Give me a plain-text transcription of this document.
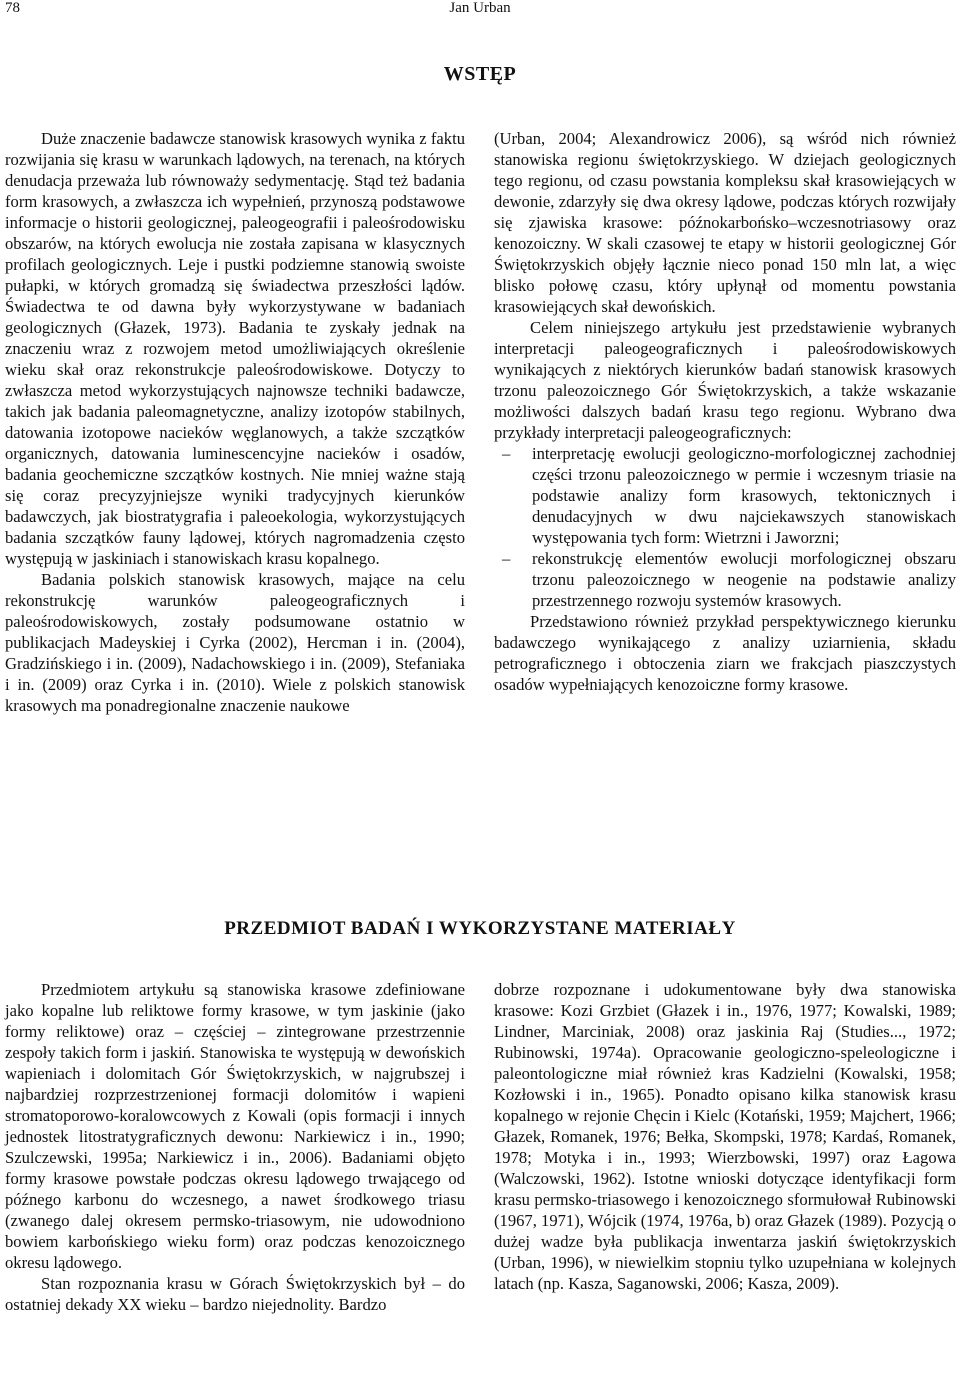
78	Jan Urban
WSTĘP

Duże znaczenie badawcze stanowisk krasowych wynika z faktu rozwijania się krasu w warunkach lądowych, na terenach, na których denudacja przeważa lub równoważy sedymentację. Stąd też badania form krasowych, a zwłaszcza ich wypełnień, przynoszą podstawowe informacje o historii geologicznej, paleogeografii i paleośrodowisku obszarów, na których ewolucja nie została zapisana w klasycznych profilach geologicznych. Leje i pustki podziemne stanowią swoiste pułapki, w których gromadzą się świadectwa przeszłości lądów. Świadectwa te od dawna były wykorzystywane w badaniach geologicznych (Głazek, 1973). Badania te zyskały jednak na znaczeniu wraz z rozwojem metod umożliwiających określenie wieku skał oraz rekonstrukcje paleośrodowiskowe. Dotyczy to zwłaszcza metod wykorzystujących najnowsze techniki badawcze, takich jak badania paleomagnetyczne, analizy izotopów stabilnych, datowania izotopowe nacieków węglanowych, a także szczątków organicznych, datowania luminescencyjne nacieków i osadów, badania geochemiczne szczątków kostnych. Nie mniej ważne stają się coraz precyzyjniejsze wyniki tradycyjnych kierunków badawczych, jak biostratygrafia i paleoekologia, wykorzystujących badania szczątków fauny lądowej, których nagromadzenia często występują w jaskiniach i stanowiskach krasu kopalnego.

Badania polskich stanowisk krasowych, mające na celu rekonstrukcję warunków paleogeograficznych i paleośrodowiskowych, zostały podsumowane ostatnio w publikacjach Madeyskiej i Cyrka (2002), Hercman i in. (2004), Gradzińskiego i in. (2009), Nadachowskiego i in. (2009), Stefaniaka i in. (2009) oraz Cyrka i in. (2010). Wiele z polskich stanowisk krasowych ma ponadregionalne znaczenie naukowe

(Urban, 2004; Alexandrowicz 2006), są wśród nich również stanowiska regionu świętokrzyskiego. W dziejach geologicznych tego regionu, od czasu powstania kompleksu skał krasowiejących w dewonie, zdarzyły się dwa okresy lądowe, podczas których rozwijały się zjawiska krasowe: późnokarbońsko–wczesnotriasowy oraz kenozoiczny. W skali czasowej te etapy w historii geologicznej Gór Świętokrzyskich objęły łącznie nieco ponad 150 mln lat, a więc blisko połowę czasu, który upłynął od momentu powstania krasowiejących skał dewońskich.

Celem niniejszego artykułu jest przedstawienie wybranych interpretacji paleogeograficznych i paleośrodowiskowych wynikających z niektórych kierunków badań stanowisk krasowych trzonu paleozoicznego Gór Świętokrzyskich, a także wskazanie możliwości dalszych badań krasu tego regionu. Wybrano dwa przykłady interpretacji paleogeograficznych:

– interpretację ewolucji geologiczno-morfologicznej zachodniej części trzonu paleozoicznego w permie i wczesnym triasie na podstawie analizy form krasowych, tektonicznych i denudacyjnych w dwu najciekawszych stanowiskach występowania tych form: Wietrzni i Jaworzni;
– rekonstrukcję elementów ewolucji morfologicznej obszaru trzonu paleozoicznego w neogenie na podstawie analizy przestrzennego rozwoju systemów krasowych.

Przedstawiono również przykład perspektywicznego kierunku badawczego wynikającego z analizy uziarnienia, składu petrograficznego i obtoczenia ziarn we frakcjach piaszczystych osadów wypełniających kenozoiczne formy krasowe.

PRZEDMIOT BADAŃ I WYKORZYSTANE MATERIAŁY

Przedmiotem artykułu są stanowiska krasowe zdefiniowane jako kopalne lub reliktowe formy krasowe, w tym jaskinie (jako formy reliktowe) oraz – częściej – zintegrowane przestrzennie zespoły takich form i jaskiń. Stanowiska te występują w dewońskich wapieniach i dolomitach Gór Świętokrzyskich, w najgrubszej i najbardziej rozprzestrzenionej formacji dolomitów i wapieni stromatoporowo-koralowcowych z Kowali (opis formacji i innych jednostek litostratygraficznych dewonu: Narkiewicz i in., 1990; Szulczewski, 1995a; Narkiewicz i in., 2006). Badaniami objęto formy krasowe powstałe podczas okresu lądowego trwającego od późnego karbonu do wczesnego, a nawet środkowego triasu (zwanego dalej okresem permsko-triasowym, nie udowodniono bowiem karbońskiego wieku form) oraz podczas kenozoicznego okresu lądowego.

Stan rozpoznania krasu w Górach Świętokrzyskich był – do ostatniej dekady XX wieku – bardzo niejednolity. Bardzo

dobrze rozpoznane i udokumentowane były dwa stanowiska krasowe: Kozi Grzbiet (Głazek i in., 1976, 1977; Kowalski, 1989; Lindner, Marciniak, 2008) oraz jaskinia Raj (Studies..., 1972; Rubinowski, 1974a). Opracowanie geologiczno-speleologiczne i paleontologiczne miał również kras Kadzielni (Kowalski, 1958; Kozłowski i in., 1965). Ponadto opisano kilka stanowisk krasu kopalnego w rejonie Chęcin i Kielc (Kotański, 1959; Majchert, 1966; Głazek, Romanek, 1976; Bełka, Skompski, 1978; Kardaś, Romanek, 1978; Motyka i in., 1993; Wierzbowski, 1997) oraz Łagowa (Walczowski, 1962). Istotne wnioski dotyczące identyfikacji form krasu permsko-triasowego i kenozoicznego sformułował Rubinowski (1967, 1971), Wójcik (1974, 1976a, b) oraz Głazek (1989). Pozycją o dużej wadze była publikacja inwentarza jaskiń świętokrzyskich (Urban, 1996), w niewielkim stopniu tylko uzupełniana w kolejnych latach (np. Kasza, Saganowski, 2006; Kasza, 2009).
